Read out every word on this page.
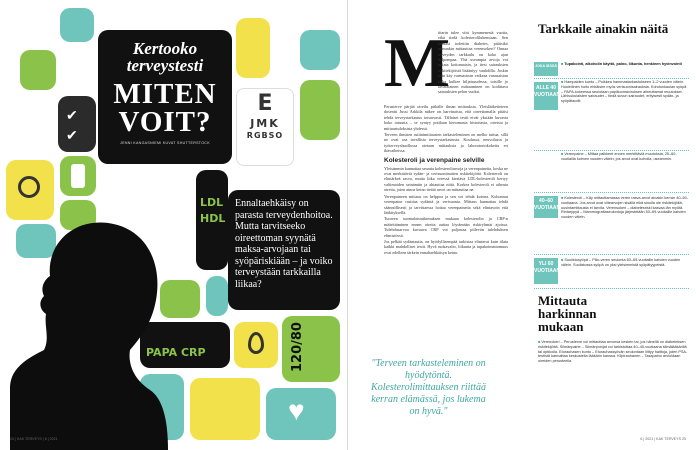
✔
✔
Kertooko terveystesti
MITEN VOIT?
JENNI KANGASNIEMI KUVAT SHUTTERSTOCK
E
JMK
RGBSO
LDL
HDL
Ennaltaehkäisy on parasta terveydenhoitoa. Mutta tarvitseeko oireettoman syynätä maksa-arvojaan tai syöpäriskiään – ja voiko terveystään tarkkailla liikaa?
PAPA CRP	120/80
♥
24 | KAK TERVEYS | 6 | 2021
M

ittarin tulee viisi kymmenestä vuotta, eikä tiedä kolesterolilukemiaan. Sen kulkasi todettiin diabetes, pitäisikö minunkin mittauttaa verensokeri? Onnaa terveyden tarkkailu on koko ajan helpompaa. Yhä useampia arvoja voi mitata kotiomaisin, ja tiesi sairauksien riskitekijöistä lisääntyy vauhdilla. Joskin kain käy varmastoan vaikeaa vanasaistan kuka kulkee hiljaisuudessa, toisille jo tavaralainen mittaaminen on kodittava sairauksien pelon vuoksi.

Perusterve pärjää oireilu pitkälle ilman mittauksia. Yleislääketieteen dosentti Jussi Arkkila näkee on harvinaista, että oireettomalla pitäisi tehdä terveystarkastus toistuvasti. Tällaiset testit eivät yksiään kuvasta koko totuutta – se syntyy potilaan kertomasta historiasta, oireista ja mittaustuloksista yhdessä.

Terveen ihmisen rutiinimittausten tarkasteleminen on melko tuttua, sillä ne ovat osa tavallista terveystarkastusta. Koulussa, neuvolassa ja työterveyshuollossa otetaan mittauksia ja laboratoriokokeita eri ikävaiheissa.

Kolesteroli ja verenpaine selville

Yleisimmin kannattaa seurata kolesteroliarvoja ja verenpainetta, koska ne ovat merkittäviä sydän- ja verisuonitautien riskitekijöitä. Kolesteroli on elintärkeä rasva, mutta liika veressä kiertävä LDL-kolesteroli kertyy valtimoiden seinämiin ja ahtauttaa niitä. Korkea kolesteroli ei aiheuta oireita, joten ainoa keino tietää arvot on mittauttaa ne.

Verenpaineen mittaus on helppoa ja sen voi tehdä kotona. Kohonnut verenpaine rasittaa sydäntä ja verisuonia. Mittaus kannattaa tehdä säännöllisesti ja tarvittaessa hoitaa verenpainetta sekä elintavoin että lääkityksellä.

Tuoreen suomalaistutkimuksen mukaan kolesterolin ja CRP:n määrittäminen ennen oireita auttaa löytämään riskiryhmät ajoissa. Tulehdusarvoa kuvaava CRP voi paljastaa piilevän tulehduksen elimistössä.

Jos pelkää sydäntautia, on hyödyllisempää tarkistaa elintavat kuin tilata kaikki mahdolliset testit. Hyvä ruokavalio, liikunta ja tupakoimattomuus ovat edelleen tärkein ennaltaehkäisyn keino.

"Terveen tarkasteleminen on hyödytöntä. Kolesterolimittauksen riittää kerran elämässä, jos lukema on hyvä."
Tarkkaile ainakin näitä
JOKA IÄSSÄ ■ Tupakointi, alkoholin käyttö, paino, liikunta, henkinen hyvinvointi
ALLE 40 VUOTIAANA
■ Hampaiden kunto – Poikkea hammastarkastukseen 1–2 vuoden välein. Huolellinen hoito ehkäisee myös verisuonisairauksia. Kohdunkaulan syöpä – PAPA-kokeessa seulotaan papilloomaviruksen aiheuttamat muutokset. Lähisukulaisten sairaudet – tiedä suvun sairaudet, erityisesti sydän- ja syöpätaudit.
■ Verenpaine – Mittaa palkkeet ennen merkittäviä muutoksia, 25–60-vuotiailla kolmen vuoden välein; jos arvot ovat koholla, useammin.
40–60 VUOTIAANA
■ Kolesteroli – Käy mittauttamassa veren rasva-arvot ainakin kerran 40–50-vuotiaana. Jos arvot ovat viitearvojen sisällä eikä sinulla ole riskitekijöitä, uusintamittausta ei tarvita. Verensokeri – diabetesriski kasvaa iän myötä. Rintarypyä – Mammografiaseulontoja järjestetään 50–69-vuotiaille kahden vuoden välein.
YLI 60 VUOTIAANA
■ Suolistosyöpä – Piilo-veren seulonta 60–69-vuotiaille kahden vuoden välein. Suolistossa syöpä on yksi yleisimmistä syöpätyypeistä.
Mittauta harkinnan mukaan
■ Verenokeri – Perusterve voi mittauttaa arvonsa kesken tai, jos hänellä on diabeteksen riskitekijöitä. Silmänpaine – Silmänpohjat voi tarkistuttaa 40–45-vuotiaana silmälääkärillä tai optikolla. Eturauhasen kunto – Eturauhassyövän seulontaan liittyy haittoja, joten PSA-testistä kannattaa keskustella lääkärin kanssa. Kilpirauhanen – Tasapaino arvioidaan oireiden perusteella.
6 | 2021 | KAK TERVEYS 25
